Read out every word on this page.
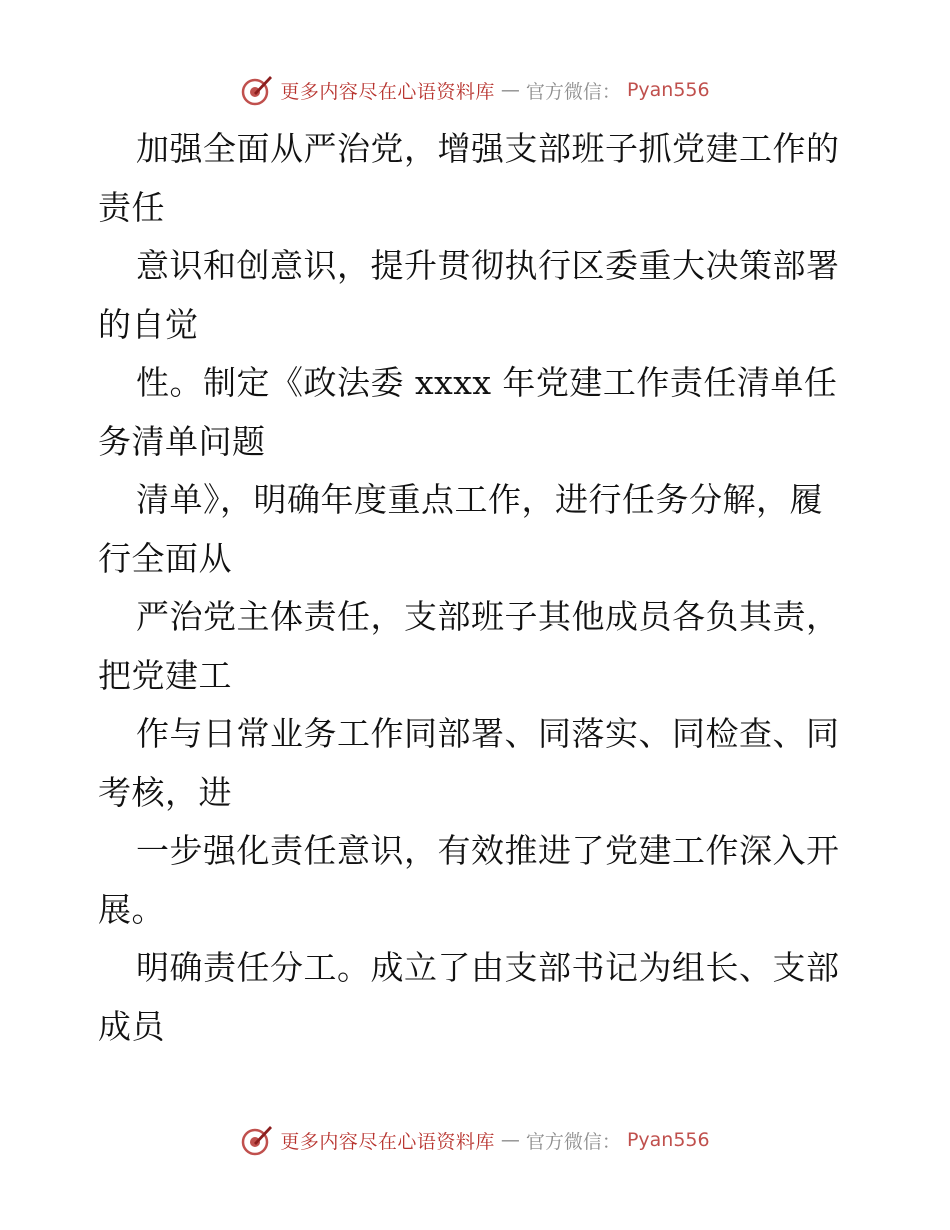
更多内容尽在心语资料库 — 官方微信： Pyan556
加强全面从严治党，增强支部班子抓党建工作的
责任
意识和创意识，提升贯彻执行区委重大决策部署
的自觉
性。制定《政法委 xxxx 年党建工作责任清单任
务清单问题
清单》，明确年度重点工作，进行任务分解，履
行全面从
严治党主体责任，支部班子其他成员各负其责，
把党建工
作与日常业务工作同部署、同落实、同检查、同
考核，进
一步强化责任意识，有效推进了党建工作深入开
展。
明确责任分工。成立了由支部书记为组长、支部
成员
更多内容尽在心语资料库 — 官方微信： Pyan556
